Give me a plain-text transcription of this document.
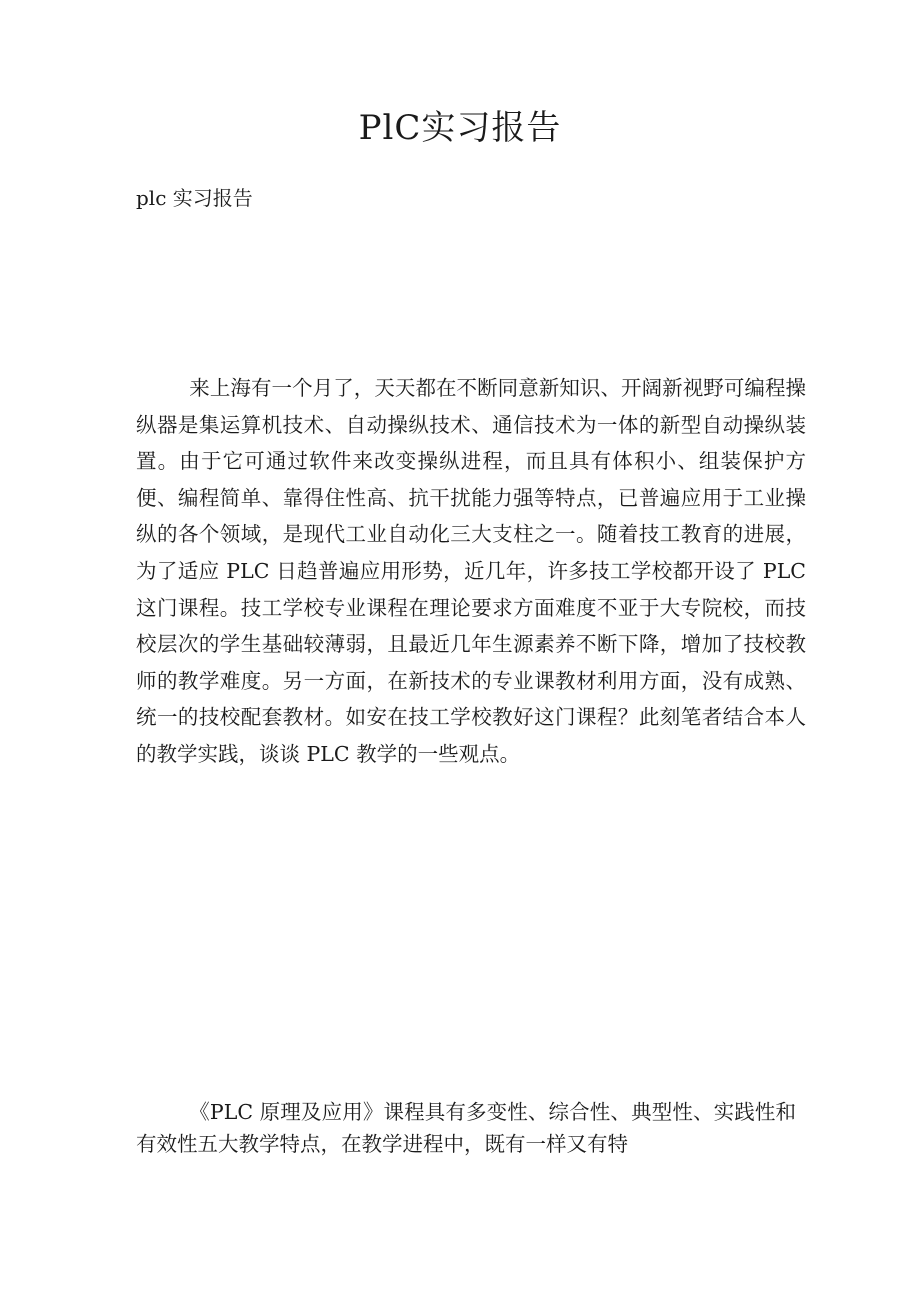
PlC实习报告
plc 实习报告

来上海有一个月了，天天都在不断同意新知识、开阔新视野可编程操纵器是集运算机技术、自动操纵技术、通信技术为一体的新型自动操纵装置。由于它可通过软件来改变操纵进程，而且具有体积小、组装保护方便、编程简单、靠得住性高、抗干扰能力强等特点，已普遍应用于工业操纵的各个领域，是现代工业自动化三大支柱之一。随着技工教育的进展，为了适应 PLC 日趋普遍应用形势，近几年，许多技工学校都开设了 PLC 这门课程。技工学校专业课程在理论要求方面难度不亚于大专院校，而技校层次的学生基础较薄弱，且最近几年生源素养不断下降，增加了技校教师的教学难度。另一方面，在新技术的专业课教材利用方面，没有成熟、统一的技校配套教材。如安在技工学校教好这门课程？此刻笔者结合本人的教学实践，谈谈 PLC 教学的一些观点。

《PLC 原理及应用》课程具有多变性、综合性、典型性、实践性和有效性五大教学特点，在教学进程中，既有一样又有特
